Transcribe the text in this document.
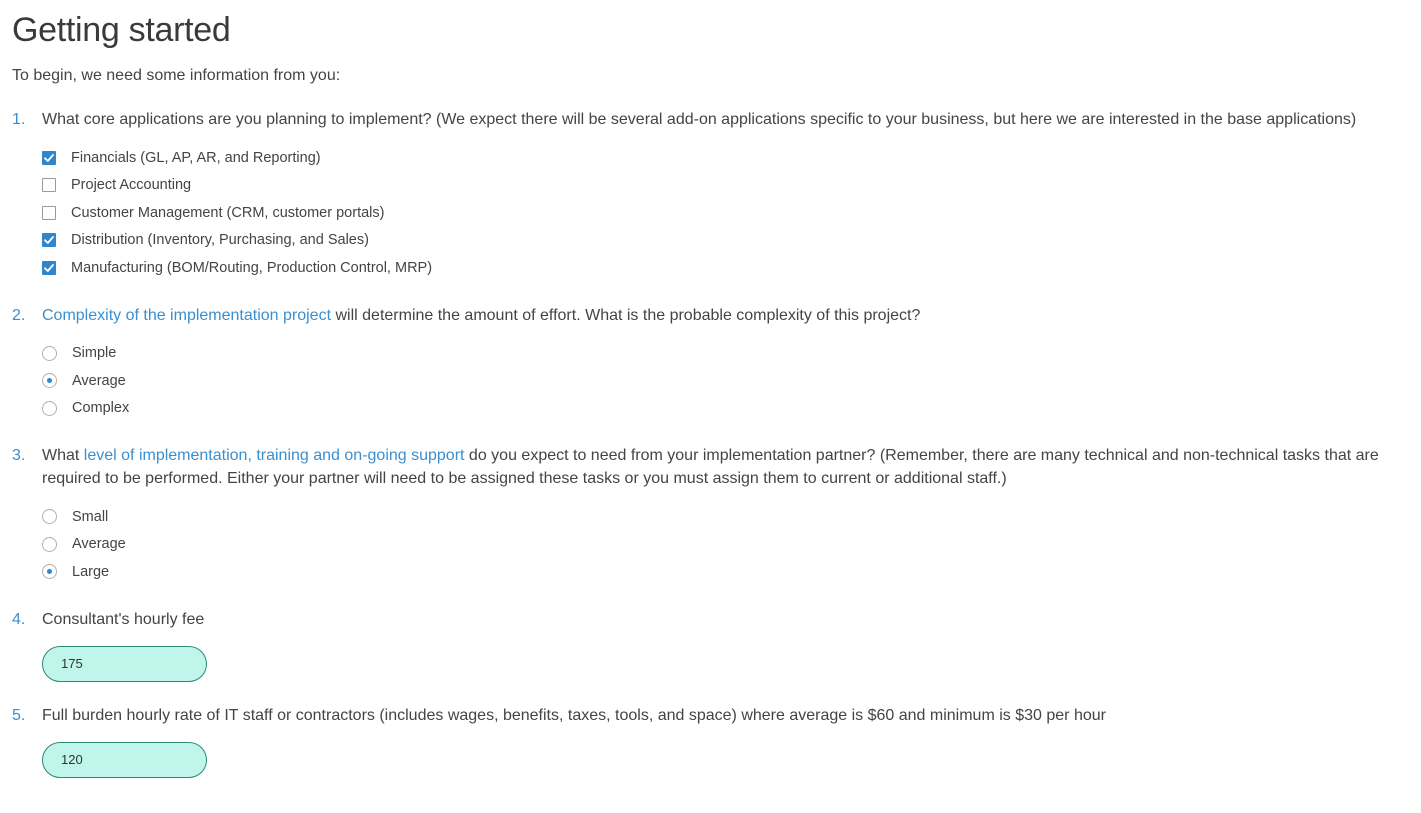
Getting started
To begin, we need some information from you:
1. What core applications are you planning to implement? (We expect there will be several add-on applications specific to your business, but here we are interested in the base applications)
Financials (GL, AP, AR, and Reporting)
Project Accounting
Customer Management (CRM, customer portals)
Distribution (Inventory, Purchasing, and Sales)
Manufacturing (BOM/Routing, Production Control, MRP)
2. Complexity of the implementation project will determine the amount of effort. What is the probable complexity of this project?
Simple
Average
Complex
3. What level of implementation, training and on-going support do you expect to need from your implementation partner? (Remember, there are many technical and non-technical tasks that are required to be performed. Either your partner will need to be assigned these tasks or you must assign them to current or additional staff.)
Small
Average
Large
4. Consultant's hourly fee
175
5. Full burden hourly rate of IT staff or contractors (includes wages, benefits, taxes, tools, and space) where average is $60 and minimum is $30 per hour
120
